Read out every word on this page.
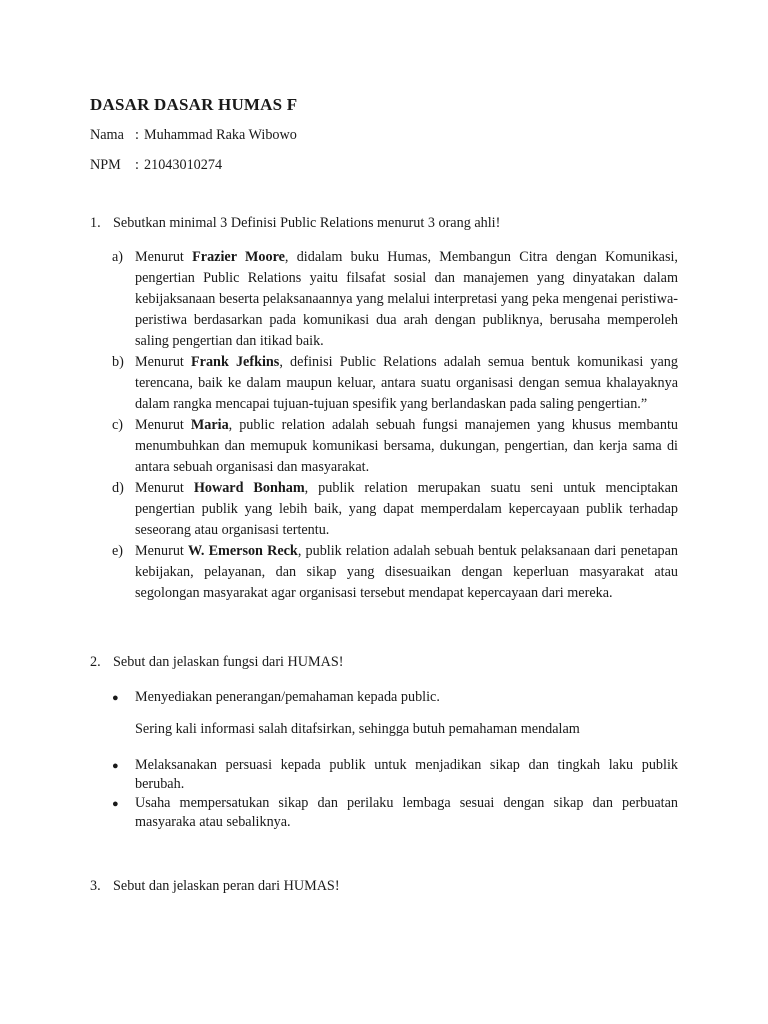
DASAR DASAR HUMAS F
Nama : Muhammad Raka Wibowo
NPM : 21043010274
1. Sebutkan minimal 3 Definisi Public Relations menurut 3 orang ahli!
a) Menurut Frazier Moore, didalam buku Humas, Membangun Citra dengan Komunikasi, pengertian Public Relations yaitu filsafat sosial dan manajemen yang dinyatakan dalam kebijaksanaan beserta pelaksanaannya yang melalui interpretasi yang peka mengenai peristiwa-peristiwa berdasarkan pada komunikasi dua arah dengan publiknya, berusaha memperoleh saling pengertian dan itikad baik.
b) Menurut Frank Jefkins, definisi Public Relations adalah semua bentuk komunikasi yang terencana, baik ke dalam maupun keluar, antara suatu organisasi dengan semua khalayaknya dalam rangka mencapai tujuan-tujuan spesifik yang berlandaskan pada saling pengertian.”
c) Menurut Maria, public relation adalah sebuah fungsi manajemen yang khusus membantu menumbuhkan dan memupuk komunikasi bersama, dukungan, pengertian, dan kerja sama di antara sebuah organisasi dan masyarakat.
d) Menurut Howard Bonham, publik relation merupakan suatu seni untuk menciptakan pengertian publik yang lebih baik, yang dapat memperdalam kepercayaan publik terhadap seseorang atau organisasi tertentu.
e) Menurut W. Emerson Reck, publik relation adalah sebuah bentuk pelaksanaan dari penetapan kebijakan, pelayanan, dan sikap yang disesuaikan dengan keperluan masyarakat atau segolongan masyarakat agar organisasi tersebut mendapat kepercayaan dari mereka.
2. Sebut dan jelaskan fungsi dari HUMAS!
●	Menyediakan penerangan/pemahaman kepada public.
Sering kali informasi salah ditafsirkan, sehingga butuh pemahaman mendalam
●	Melaksanakan persuasi kepada publik untuk menjadikan sikap dan tingkah laku publik berubah.
●	Usaha mempersatukan sikap dan perilaku lembaga sesuai dengan sikap dan perbuatan masyaraka atau sebaliknya.
3. Sebut dan jelaskan peran dari HUMAS!
